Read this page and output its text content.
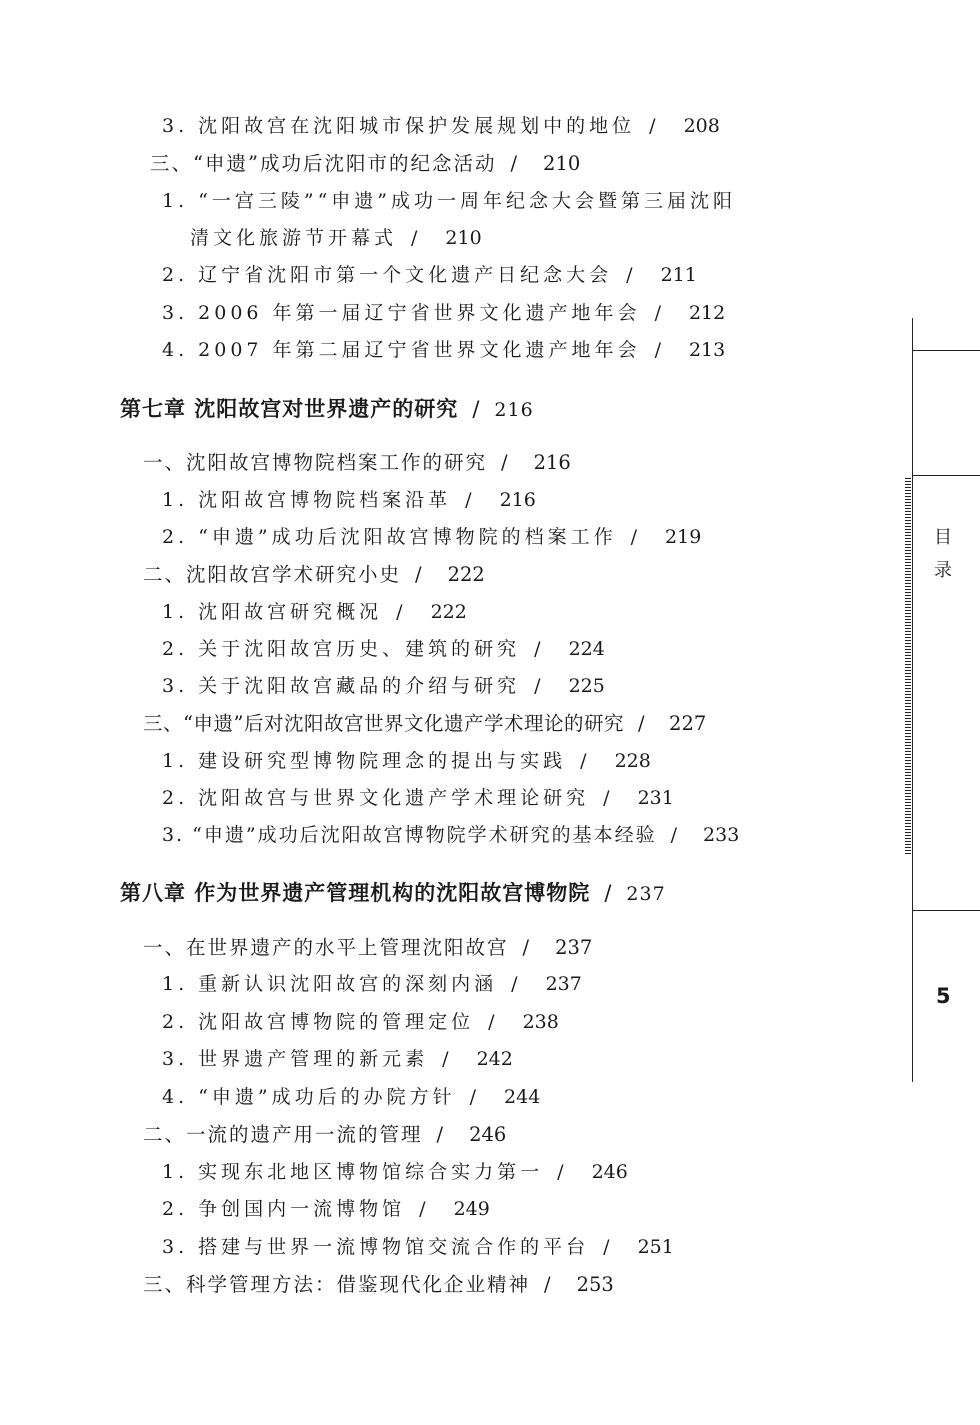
3. 沈阳故宫在沈阳城市保护发展规划中的地位 / 208
三、“申遗”成功后沈阳市的纪念活动 / 210
1. “一宫三陵”“申遗”成功一周年纪念大会暨第三届沈阳
清文化旅游节开幕式 / 210
2. 辽宁省沈阳市第一个文化遗产日纪念大会 / 211
3. 2006 年第一届辽宁省世界文化遗产地年会 / 212
4. 2007 年第二届辽宁省世界文化遗产地年会 / 213
第七章 沈阳故宫对世界遗产的研究 / 216
一、沈阳故宫博物院档案工作的研究 / 216
1. 沈阳故宫博物院档案沿革 / 216
2. “申遗”成功后沈阳故宫博物院的档案工作 / 219
二、沈阳故宫学术研究小史 / 222
1. 沈阳故宫研究概况 / 222
2. 关于沈阳故宫历史、建筑的研究 / 224
3. 关于沈阳故宫藏品的介绍与研究 / 225
三、“申遗”后对沈阳故宫世界文化遗产学术理论的研究 / 227
1. 建设研究型博物院理念的提出与实践 / 228
2. 沈阳故宫与世界文化遗产学术理论研究 / 231
3. “申遗”成功后沈阳故宫博物院学术研究的基本经验 / 233
第八章 作为世界遗产管理机构的沈阳故宫博物院 / 237
一、在世界遗产的水平上管理沈阳故宫 / 237
1. 重新认识沈阳故宫的深刻内涵 / 237
2. 沈阳故宫博物院的管理定位 / 238
3. 世界遗产管理的新元素 / 242
4. “申遗”成功后的办院方针 / 244
二、一流的遗产用一流的管理 / 246
1. 实现东北地区博物馆综合实力第一 / 246
2. 争创国内一流博物馆 / 249
3. 搭建与世界一流博物馆交流合作的平台 / 251
三、科学管理方法：借鉴现代化企业精神 / 253
目
录
5
